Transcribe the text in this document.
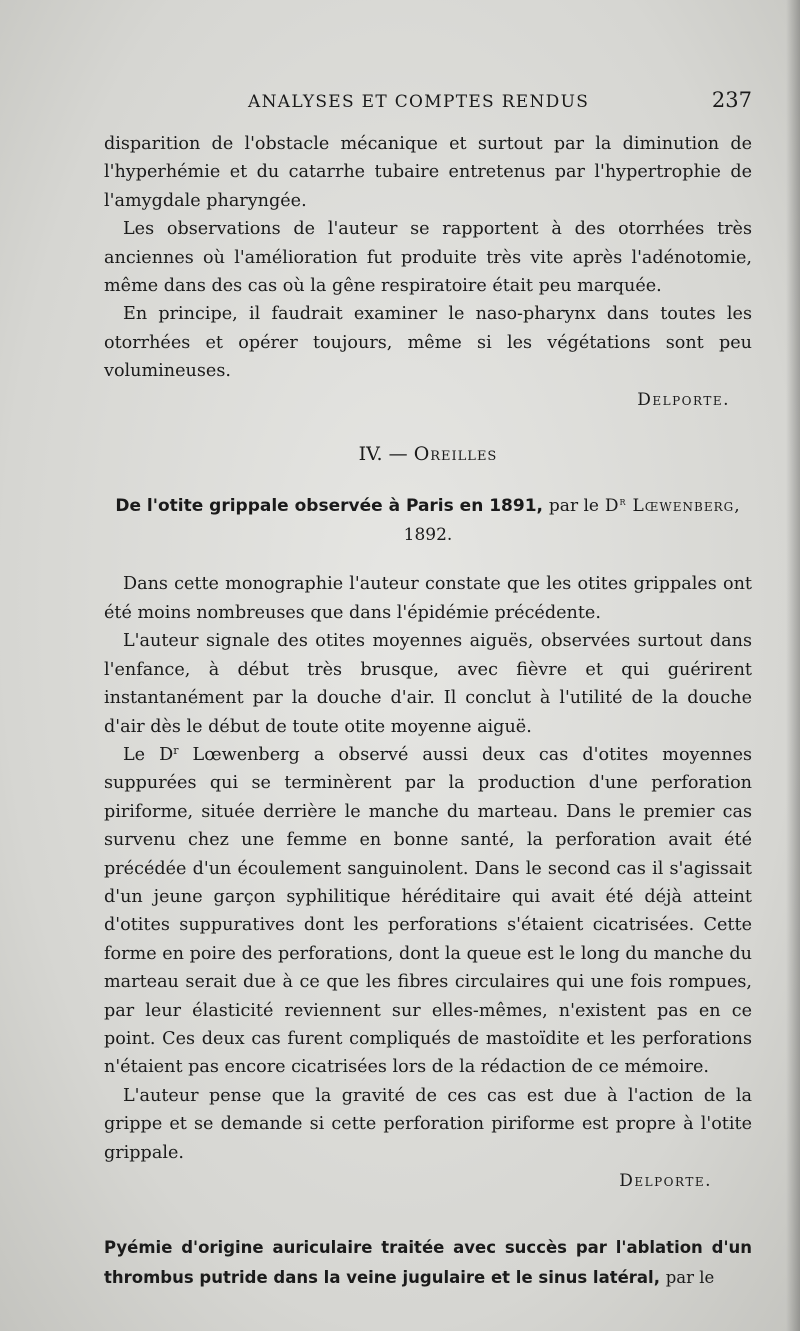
ANALYSES ET COMPTES RENDUS	237

disparition de l'obstacle mécanique et surtout par la diminution de l'hyperhémie et du catarrhe tubaire entretenus par l'hypertrophie de l'amygdale pharyngée.

Les observations de l'auteur se rapportent à des otorrhées très anciennes où l'amélioration fut produite très vite après l'adénotomie, même dans des cas où la gêne respiratoire était peu marquée.

En principe, il faudrait examiner le naso-pharynx dans toutes les otorrhées et opérer toujours, même si les végétations sont peu volumineuses.

Delporte.

IV. — Oreilles
De l'otite grippale observée à Paris en 1891, par le $D^r$ Lœwenberg,
1892.

Dans cette monographie l'auteur constate que les otites grippales ont été moins nombreuses que dans l'épidémie précédente.

L'auteur signale des otites moyennes aiguës, observées surtout dans l'enfance, à début très brusque, avec fièvre et qui guérirent instantanément par la douche d'air. Il conclut à l'utilité de la douche d'air dès le début de toute otite moyenne aiguë.

Le $D^r$ Lœwenberg a observé aussi deux cas d'otites moyennes suppurées qui se terminèrent par la production d'une perforation piriforme, située derrière le manche du marteau. Dans le premier cas survenu chez une femme en bonne santé, la perforation avait été précédée d'un écoulement sanguinolent. Dans le second cas il s'agissait d'un jeune garçon syphilitique héréditaire qui avait été déjà atteint d'otites suppuratives dont les perforations s'étaient cicatrisées. Cette forme en poire des perforations, dont la queue est le long du manche du marteau serait due à ce que les fibres circulaires qui une fois rompues, par leur élasticité reviennent sur elles-mêmes, n'existent pas en ce point. Ces deux cas furent compliqués de mastoïdite et les perforations n'étaient pas encore cicatrisées lors de la rédaction de ce mémoire.

L'auteur pense que la gravité de ces cas est due à l'action de la grippe et se demande si cette perforation piriforme est propre à l'otite grippale.

Delporte.

Pyémie d'origine auriculaire traitée avec succès par l'ablation d'un thrombus putride dans la veine jugulaire et le sinus latéral, par le
